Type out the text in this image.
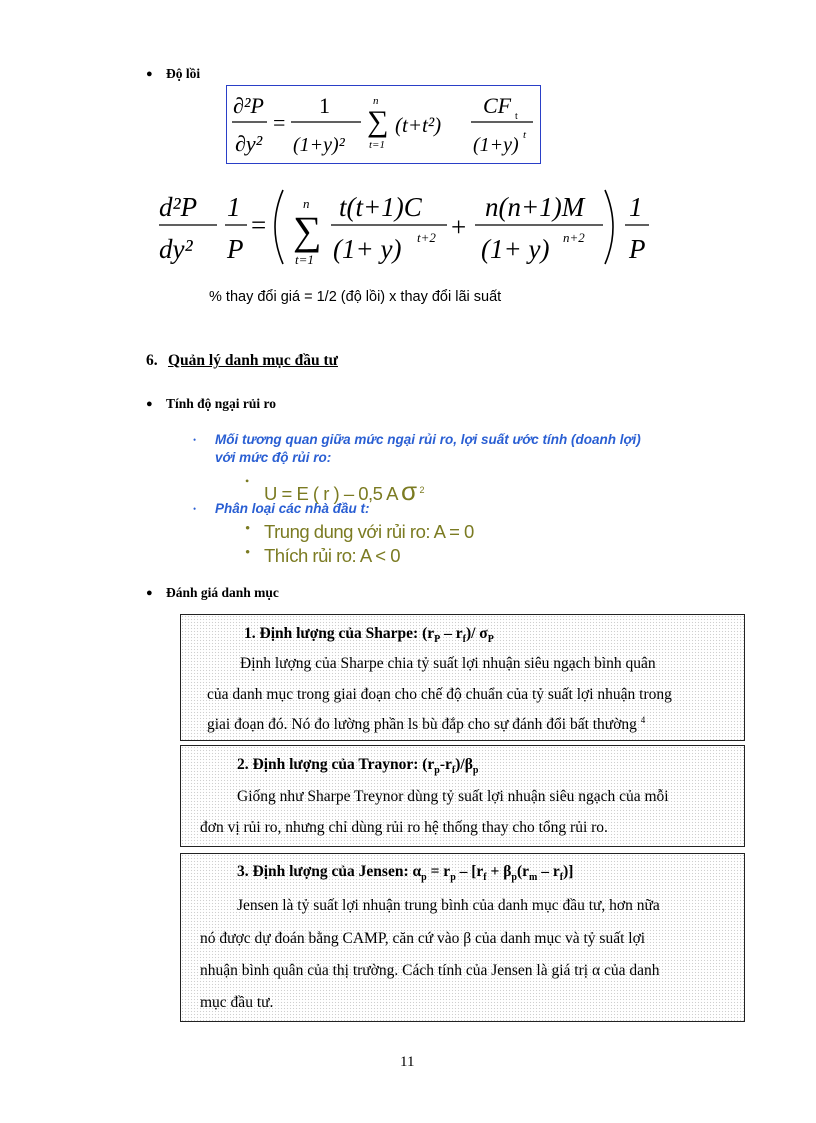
● Độ lồi
∂²P
∂y²
=
1
(1+y)²
n
∑
t=1
(t+t²)
CF t
(1+y) t
d²P
dy²
1
P
=
n
∑
t=1
t(t+1)C
(1+ y) t+2 +
n(n+1)M
(1+ y) n+2
1
P
% thay đổi giá = 1/2 (độ lồi) x thay đổi lãi suất
6. Quản lý danh mục đầu tư
● Tính độ ngại rủi ro
• Mối tương quan giữa mức ngại rủi ro, lợi suất ước tính (doanh lợi)
với mức độ rủi ro:
•
U = E ( r ) – 0,5 A σ $^2$
• Phân loại các nhà đầu t:
• Trung dung với rủi ro: A = 0
• Thích rủi ro: A < 0
● Đánh giá danh mục
1. Định lượng của Sharpe: $(r_P - r_f)/$ $\sigma_P$
Định lượng của Sharpe chia tỷ suất lợi nhuận siêu ngạch bình quân
của danh mục trong giai đoạn cho chế độ chuẩn của tỷ suất lợi nhuận trong
giai đoạn đó. Nó đo lường phần ls bù đắp cho sự đánh đổi bất thường $^4$
2. Định lượng của Traynor: $(r_p-r_f)/\beta_p$
Giống như Sharpe Treynor dùng tỷ suất lợi nhuận siêu ngạch của mỗi
đơn vị rủi ro, nhưng chỉ dùng rủi ro hệ thống thay cho tổng rủi ro.
3. Định lượng của Jensen: $\alpha_p = r_p - [r_f + \beta_p(r_m - r_f)]$
Jensen là tỷ suất lợi nhuận trung bình của danh mục đầu tư, hơn nữa
nó được dự đoán bằng CAMP, căn cứ vào β của danh mục và tỷ suất lợi
nhuận bình quân của thị trường. Cách tính của Jensen là giá trị α của danh
mục đầu tư.
11
